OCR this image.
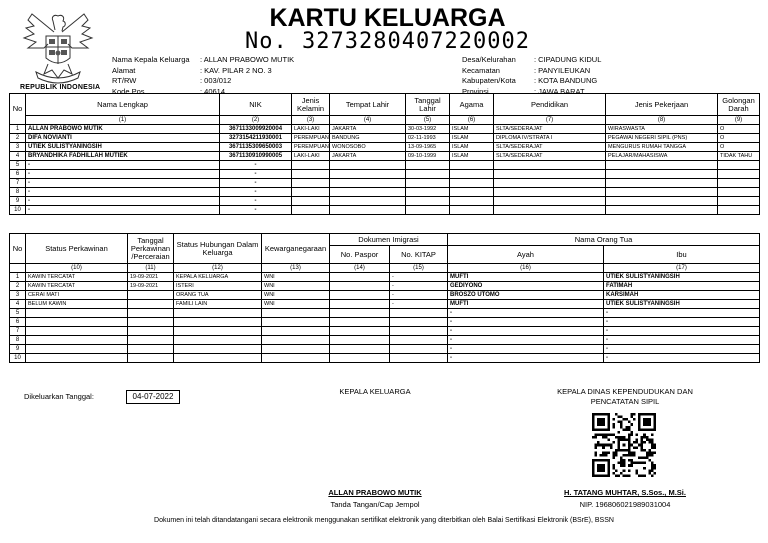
REPUBLIK INDONESIA
KARTU KELUARGA
No. 3273280407220002
Nama Kepala Keluarga	: ALLAN PRABOWO MUTIK
Alamat	: KAV. PILAR 2 NO. 3
RT/RW	: 003/012
Kode Pos	: 40614
Desa/Kelurahan	: CIPADUNG KIDUL
Kecamatan	: PANYILEUKAN
Kabupaten/Kota	: KOTA BANDUNG
Provinsi	: JAWA BARAT
No	Nama Lengkap	NIK	Jenis Kelamin	Tempat Lahir	Tanggal Lahir	Agama	Pendidikan	Jenis Pekerjaan	Golongan Darah
	(1)	(2)	(3)	(4)	(5)	(6)	(7)	(8)	(9)
1	ALLAN PRABOWO MUTIK	3671133009920004	LAKI-LAKI	JAKARTA	30-03-1992	ISLAM	SLTA/SEDERAJAT	WIRASWASTA	O
2	DIFA NOVIANTI	3273154211930001	PEREMPUAN	BANDUNG	02-11-1993	ISLAM	DIPLOMA IV/STRATA I	PEGAWAI NEGERI SIPIL (PNS)	O
3	UTIEK SULISTYANINGSIH	3671135309650003	PEREMPUAN	WONOSOBO	13-09-1965	ISLAM	SLTA/SEDERAJAT	MENGURUS RUMAH TANGGA	O
4	BRYANDHIKA FADHILLAH MUTIEK	3671130910990005	LAKI-LAKI	JAKARTA	09-10-1999	ISLAM	SLTA/SEDERAJAT	PELAJAR/MAHASISWA	TIDAK TAHU
5	-	-							
6	-	-							
7	-	-							
8	-	-							
9	-	-							
10	-	-							
No	Status Perkawinan	Tanggal Perkawinan /Perceraian	Status Hubungan Dalam Keluarga	Kewarganegaraan	Dokumen Imigrasi		Nama Orang Tua	
					No. Paspor	No. KITAP	Ayah	Ibu
	(10)	(11)	(12)	(13)	(14)	(15)	(16)	(17)
1	KAWIN TERCATAT	19-09-2021	KEPALA KELUARGA	WNI		-	MUFTI	UTIEK SULISTYANINGSIH
2	KAWIN TERCATAT	19-09-2021	ISTERI	WNI		-	GEDIYONO	FATIMAH
3	CERAI MATI		ORANG TUA	WNI		-	BROSZO UTOMO	KARSIMAH
4	BELUM KAWIN		FAMILI LAIN	WNI		-	MUFTI	UTIEK SULISTYANINGSIH
5							-	-
6							-	-
7							-	-
8							-	-
9							-	-
10							-	-
Dikeluarkan Tanggal:	04-07-2022
KEPALA KELUARGA	KEPALA DINAS KEPENDUDUKAN DAN PENCATATAN SIPIL
ALLAN PRABOWO MUTIK
Tanda Tangan/Cap Jempol
H. TATANG MUHTAR, S.Sos., M.Si.
NIP. 196806021989031004
Dokumen ini telah ditandatangani secara elektronik menggunakan sertifikat elektronik yang diterbitkan oleh Balai Sertifikasi Elektronik (BSrE), BSSN
